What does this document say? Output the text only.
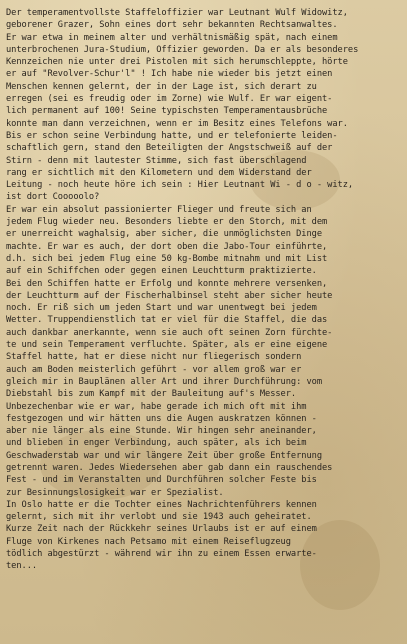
Der temperamentvollste Staffeloffizier war Leutnant Wulf Widowitz,
geborener Grazer, Sohn eines dort sehr bekannten Rechtsanwaltes.
Er war etwa in meinem alter und verhältnismäßig spät, nach einem
unterbrochenen Jura-Studium, Offizier geworden. Da er als besonderes
Kennzeichen nie unter drei Pistolen mit sich herumschleppte, hörte
er auf "Revolver-Schur'l" ! Ich habe nie wieder bis jetzt einen
Menschen kennen gelernt, der in der Lage ist, sich derart zu
erregen (sei es freudig oder im Zorne) wie Wulf. Er war eigent-
lich permanent auf 100! Seine typischsten Temperamentausbrüche
konnte man dann verzeichnen, wenn er im Besitz eines Telefons war.
Bis er schon seine Verbindung hatte, und er telefonierte leiden-
schaftlich gern, stand den Beteiligten der Angstschweiß auf der
Stirn - denn mit lautester Stimme, sich fast überschlagend
rang er sichtlich mit den Kilometern und dem Widerstand der
Leitung - noch heute höre ich sein : Hier Leutnant Wi - d o - witz,
ist dort Cooooolo?
Er war ein absolut passionierter Flieger und freute sich an
jedem Flug wieder neu. Besonders liebte er den Storch, mit dem
er unerreicht waghalsig, aber sicher, die unmöglichsten Dinge
machte. Er war es auch, der dort oben die Jabo-Tour einführte,
d.h. sich bei jedem Flug eine 50 kg-Bombe mitnahm und mit List
auf ein Schiffchen oder gegen einen Leuchtturm praktizierte.
Bei den Schiffen hatte er Erfolg und konnte mehrere versenken,
der Leuchtturm auf der Fischerhalbinsel steht aber sicher heute
noch. Er riß sich um jeden Start und war unentwegt bei jedem
Wetter. Truppendienstlich tat er viel für die Staffel, die das
auch dankbar anerkannte, wenn sie auch oft seinen Zorn fürchte-
te und sein Temperament verfluchte. Später, als er eine eigene
Staffel hatte, hat er diese nicht nur fliegerisch sondern
auch am Boden meisterlich geführt - vor allem groß war er
gleich mir in Bauplänen aller Art und ihrer Durchführung: vom
Diebstahl bis zum Kampf mit der Bauleitung auf's Messer.
Unbezechenbar wie er war, habe gerade ich mich oft mit ihm
festgezogen und wir hätten uns die Augen auskratzen können -
aber nie länger als eine Stunde. Wir hingen sehr aneinander,
und blieben in enger Verbindung, auch später, als ich beim
Geschwaderstab war und wir längere Zeit über große Entfernung
getrennt waren. Jedes Wiedersehen aber gab dann ein rauschendes
Fest - und im Veranstalten und Durchführen solcher Feste bis
zur Besinnungslosigkeit war er Spezialist.
In Oslo hatte er die Tochter eines Nachrichtenführers kennen
gelernt, sich mit ihr verlobt und sie 1943 auch geheiratet.
Kurze Zeit nach der Rückkehr seines Urlaubs ist er auf einem
Fluge von Kirkenes nach Petsamo mit einem Reiseflugzeug
tödlich abgestürzt - während wir ihn zu einem Essen erwarte-
ten...
